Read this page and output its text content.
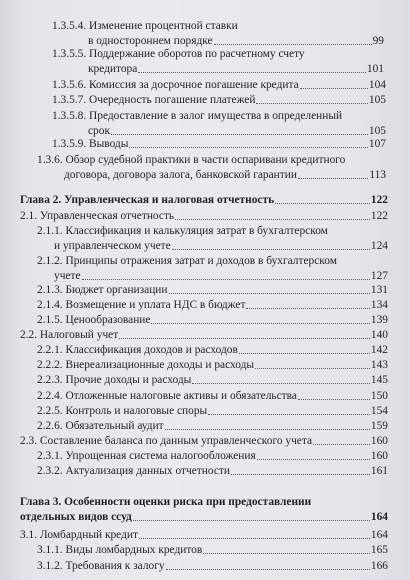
1.3.5.4. Изменение процентной ставки
в одностороннем порядке	99
1.3.5.5. Поддержание оборотов по расчетному счету
кредитора	101
1.3.5.6. Комиссия за досрочное погашение кредита	104
1.3.5.7. Очередность погашение платежей	105
1.3.5.8. Предоставление в залог имущества в определенный
срок	105
1.3.5.9. Выводы	107
1.3.6. Обзор судебной практики в части оспаривани кредитного
договора, договора залога, банковской гарантии	113
Глава 2. Управленческая и налоговая отчетность	122
2.1. Управленческая отчетность	122
2.1.1. Классификация и калькуляция затрат в бухгалтерском
и управленческом учете	124
2.1.2. Принципы отражения затрат и доходов в бухгалтерском
учете	127
2.1.3. Бюджет организации	131
2.1.4. Возмещение и уплата НДС в бюджет	134
2.1.5. Ценообразование	139
2.2. Налоговый учет	140
2.2.1. Классификация доходов и расходов	142
2.2.2. Внереализационные доходы и расходы	143
2.2.3. Прочие доходы и расходы	145
2.2.4. Отложенные налоговые активы и обязательства	150
2.2.5. Контроль и налоговые споры	154
2.2.6. Обязательный аудит	159
2.3. Составление баланса по данным управленческого учета	160
2.3.1. Упрощенная система налогообложения	160
2.3.2. Актуализация данных отчетности	161
Глава 3. Особенности оценки риска при предоставлении
отдельных видов ссуд	164
3.1. Ломбардный кредит	164
3.1.1. Виды ломбардных кредитов	165
3.1.2. Требования к залогу	166
